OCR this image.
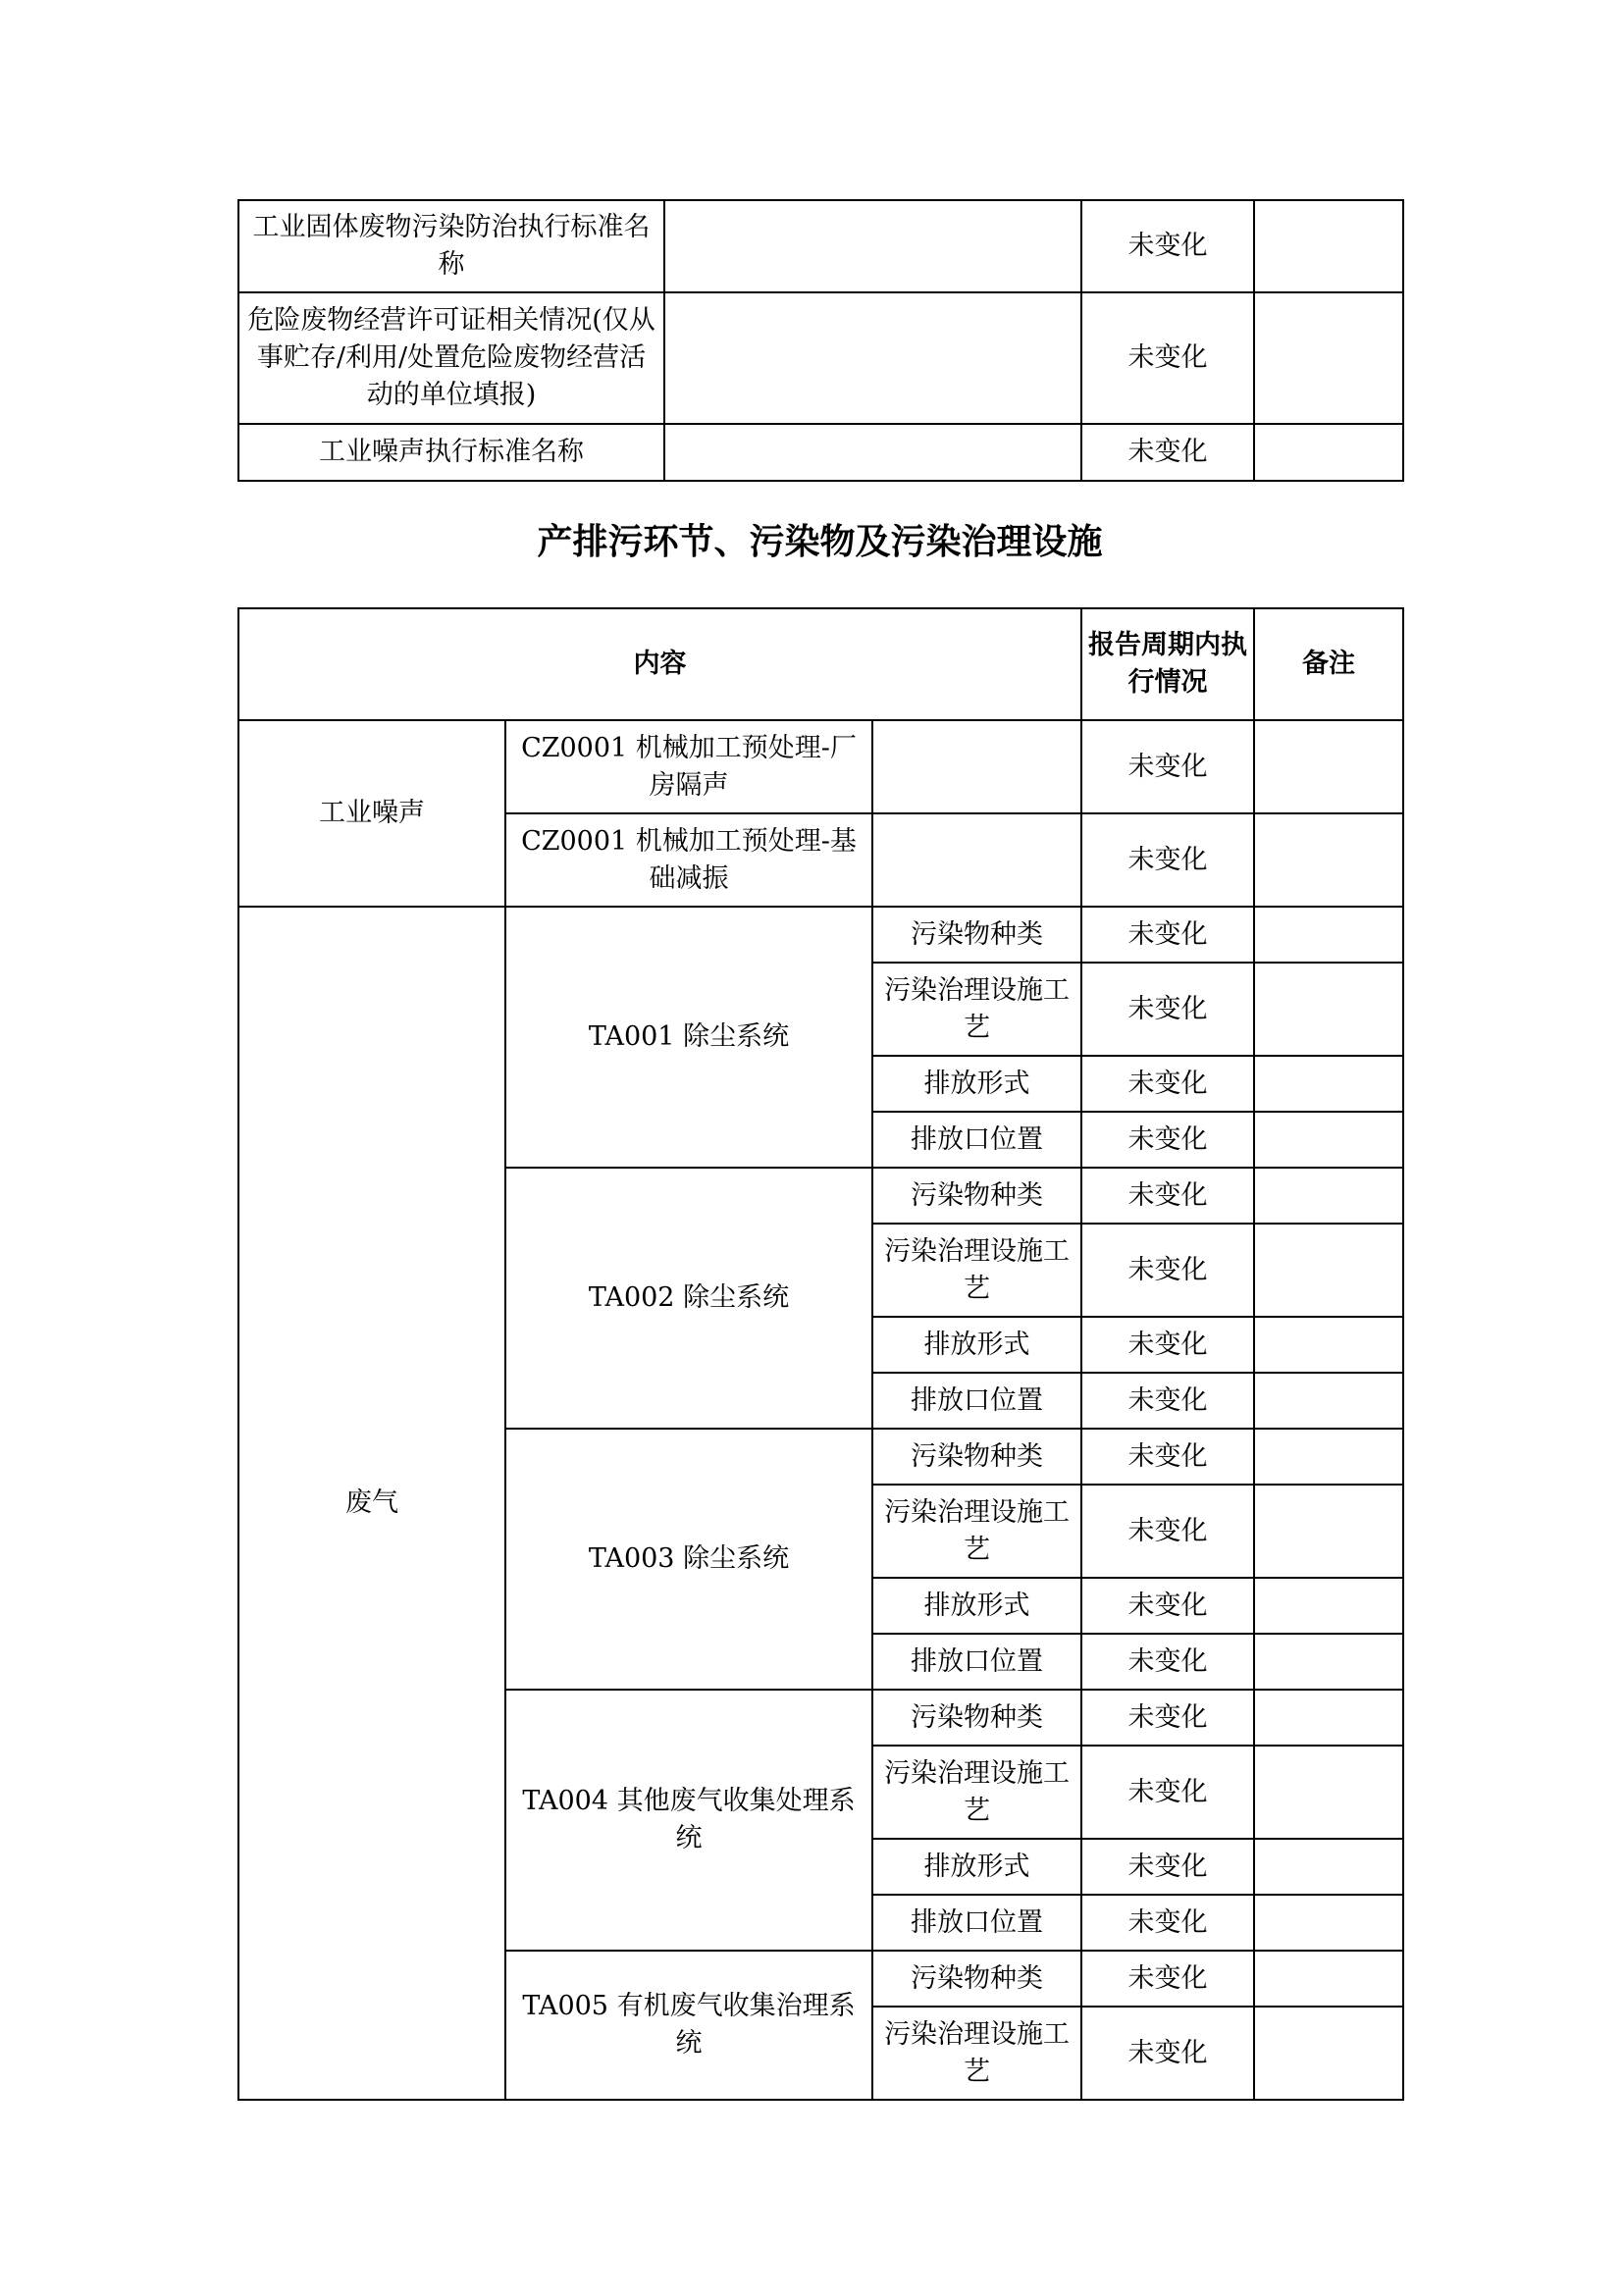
工业固体废物污染防治执行标准名称		未变化	
危险废物经营许可证相关情况(仅从事贮存/利用/处置危险废物经营活动的单位填报)		未变化	
工业噪声执行标准名称		未变化	
产排污环节、污染物及污染治理设施
内容			报告周期内执行情况	备注
工业噪声	CZ0001 机械加工预处理-厂房隔声		未变化	
	CZ0001 机械加工预处理-基础减振		未变化	
废气	TA001 除尘系统	污染物种类	未变化	
		污染治理设施工艺	未变化	
		排放形式	未变化	
		排放口位置	未变化	
	TA002 除尘系统	污染物种类	未变化	
		污染治理设施工艺	未变化	
		排放形式	未变化	
		排放口位置	未变化	
	TA003 除尘系统	污染物种类	未变化	
		污染治理设施工艺	未变化	
		排放形式	未变化	
		排放口位置	未变化	
	TA004 其他废气收集处理系统	污染物种类	未变化	
		污染治理设施工艺	未变化	
		排放形式	未变化	
		排放口位置	未变化	
	TA005 有机废气收集治理系统	污染物种类	未变化	
		污染治理设施工艺	未变化	
